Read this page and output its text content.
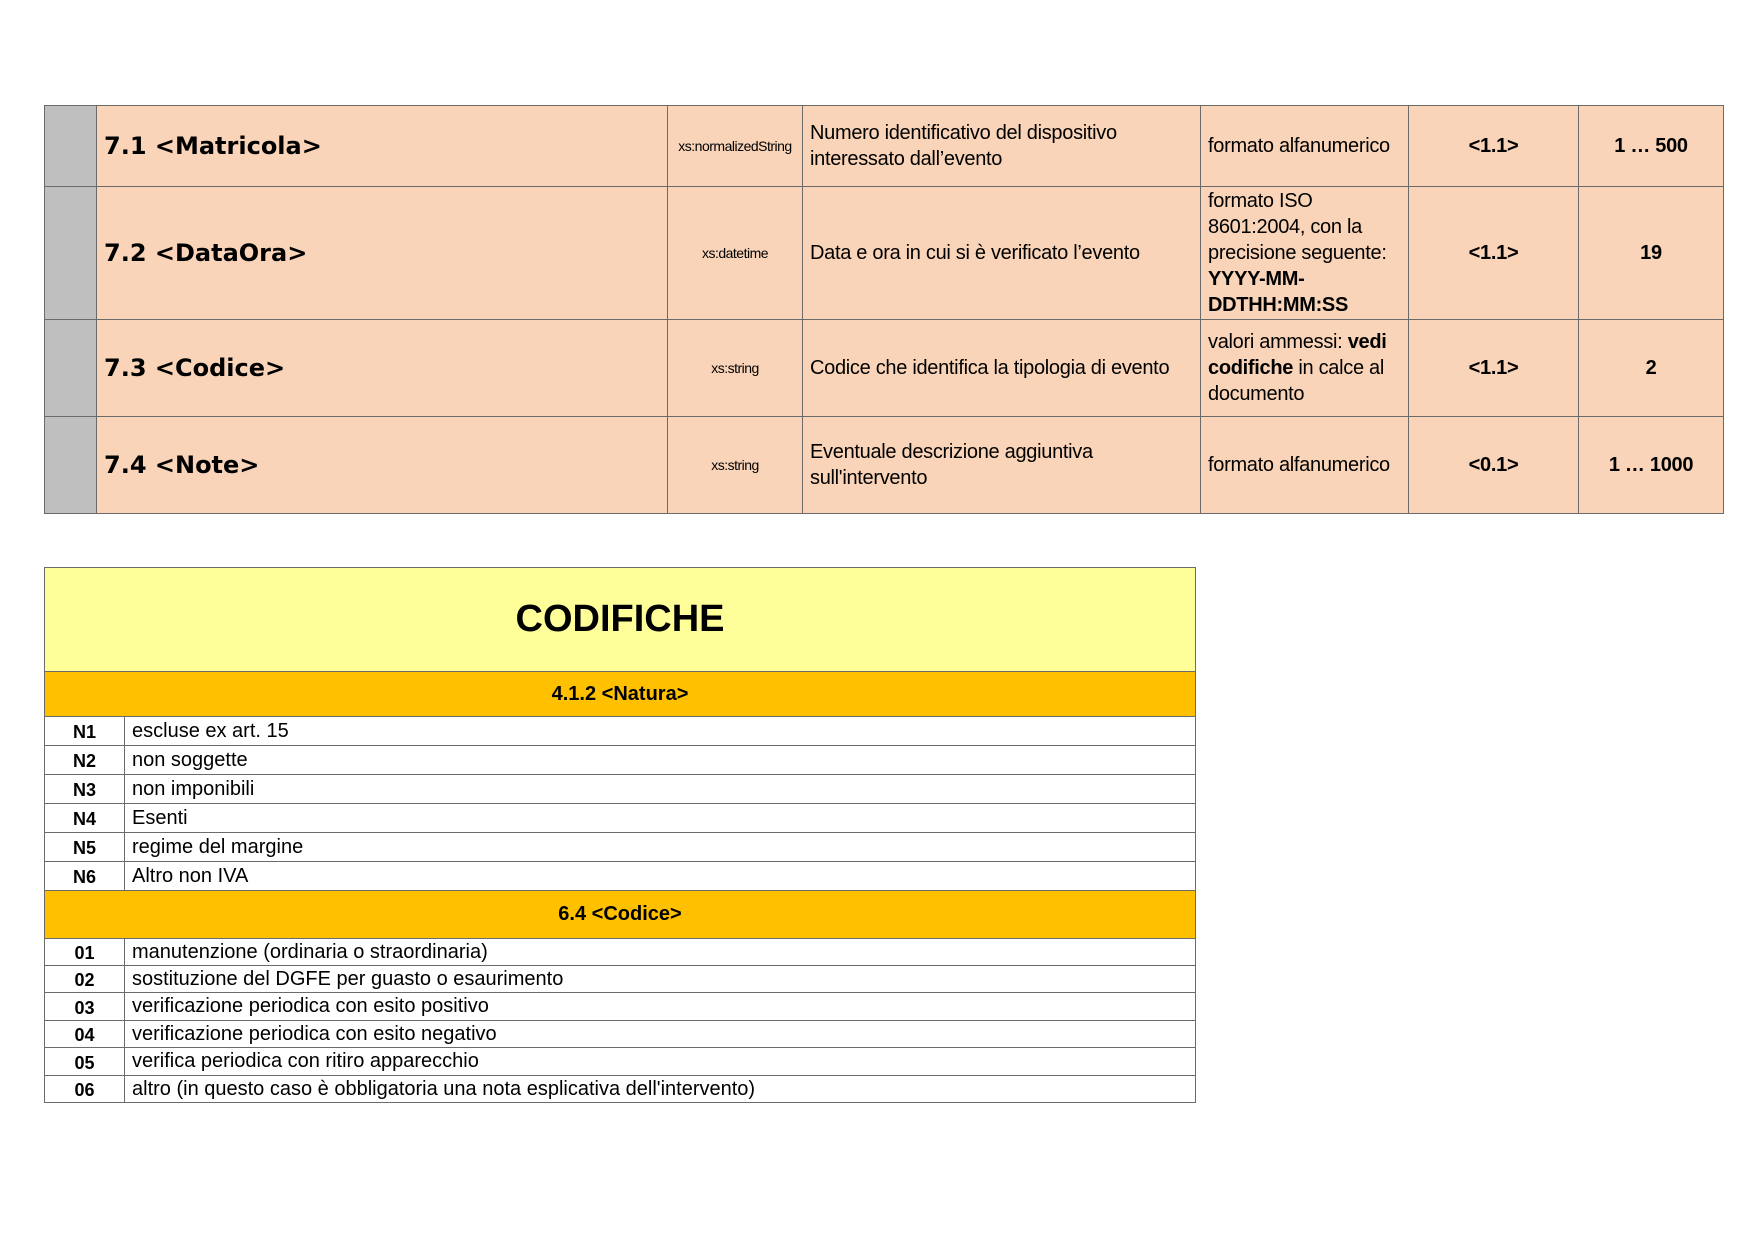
	7.1 <Matricola>	xs:normalizedString	Numero identificativo del dispositivo interessato dall’evento	formato alfanumerico	<1.1>	1 … 500
	7.2 <DataOra>	xs:datetime	Data e ora in cui si è verificato l’evento	formato ISO 8601:2004, con la precisione seguente: YYYY-MM-DDTHH:MM:SS	<1.1>	19
	7.3 <Codice>	xs:string	Codice che identifica la tipologia di evento	valori ammessi: vedi codifiche in calce al documento	<1.1>	2
	7.4 <Note>	xs:string	Eventuale descrizione aggiuntiva sull'intervento	formato alfanumerico	<0.1>	1 … 1000
CODIFICHE	
4.1.2 <Natura>	
N1	escluse ex art. 15
N2	non soggette
N3	non imponibili
N4	Esenti
N5	regime del margine
N6	Altro non IVA
6.4 <Codice>	
01	manutenzione (ordinaria o straordinaria)
02	sostituzione del DGFE per guasto o esaurimento
03	verificazione periodica con esito positivo
04	verificazione periodica con esito negativo
05	verifica periodica con ritiro apparecchio
06	altro (in questo caso è obbligatoria una nota esplicativa dell'intervento)
